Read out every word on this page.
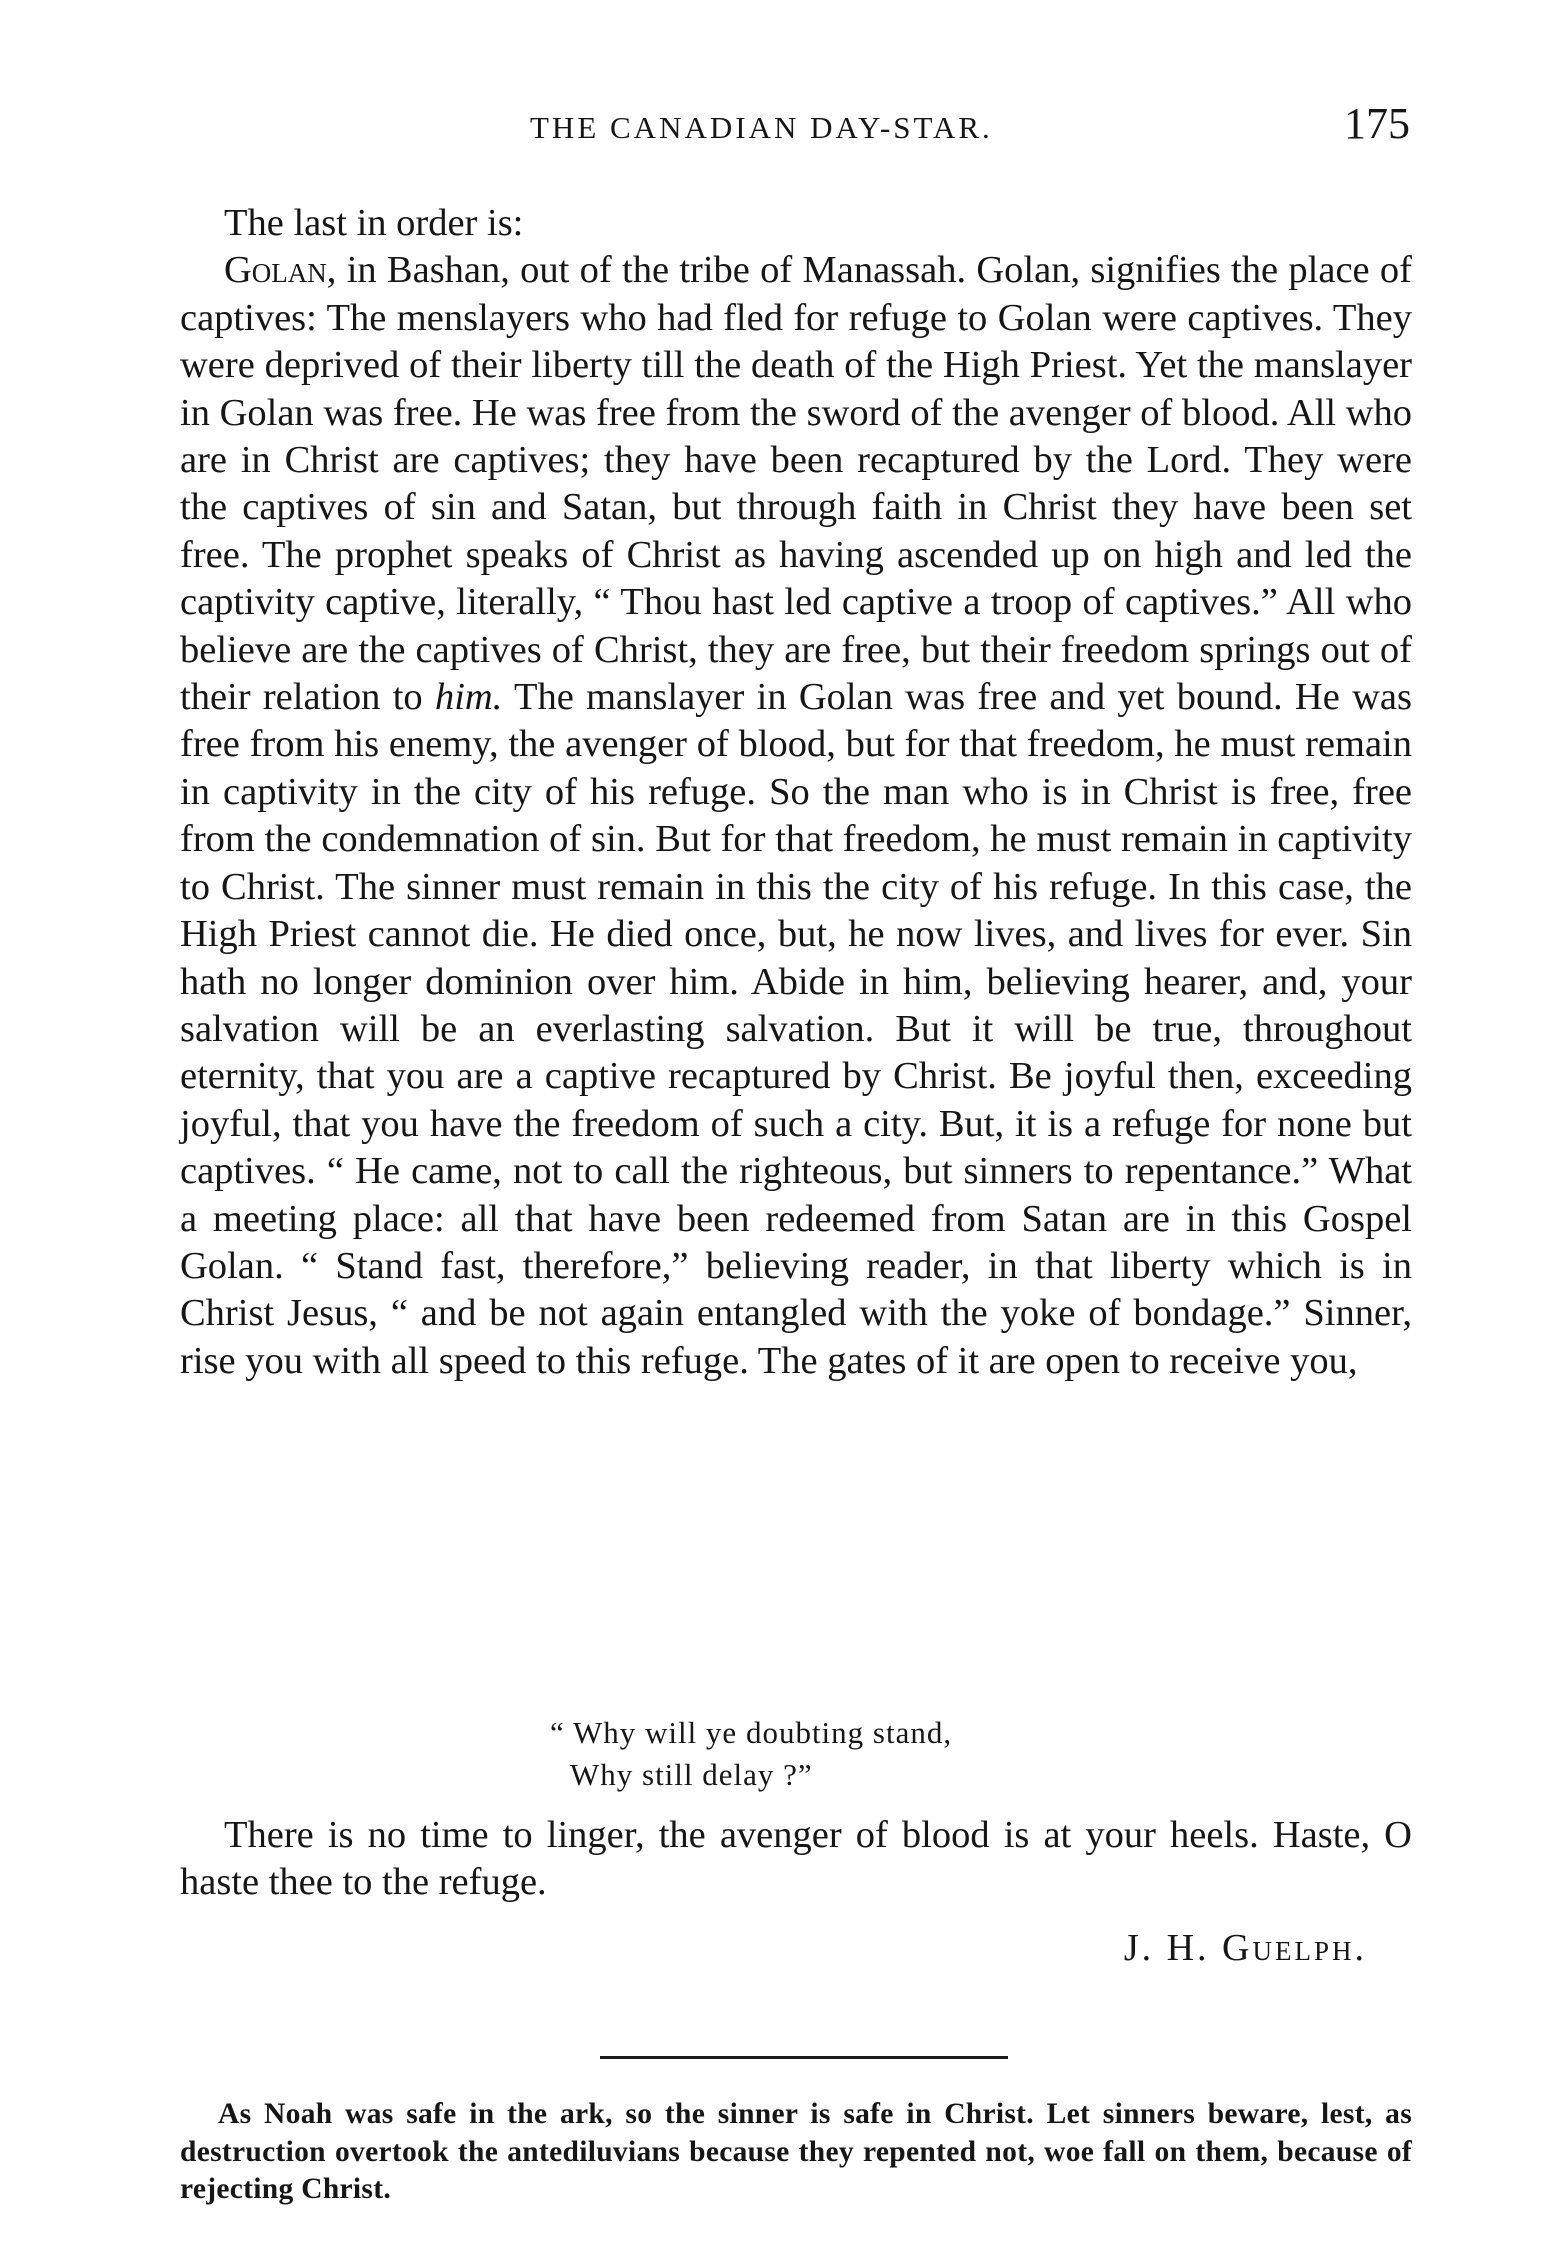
THE CANADIAN DAY-STAR.	175

The last in order is:

Golan, in Bashan, out of the tribe of Manassah. Golan, signifies the place of captives: The menslayers who had fled for refuge to Golan were captives. They were deprived of their liberty till the death of the High Priest. Yet the manslayer in Golan was free. He was free from the sword of the avenger of blood. All who are in Christ are captives; they have been recaptured by the Lord. They were the captives of sin and Satan, but through faith in Christ they have been set free. The prophet speaks of Christ as having ascended up on high and led the captivity captive, literally, “ Thou hast led captive a troop of captives.” All who believe are the captives of Christ, they are free, but their freedom springs out of their relation to him. The manslayer in Golan was free and yet bound. He was free from his enemy, the avenger of blood, but for that freedom, he must remain in captivity in the city of his refuge. So the man who is in Christ is free, free from the condemnation of sin. But for that freedom, he must remain in captivity to Christ. The sinner must remain in this the city of his refuge. In this case, the High Priest cannot die. He died once, but, he now lives, and lives for ever. Sin hath no longer dominion over him. Abide in him, believing hearer, and, your salvation will be an everlasting salvation. But it will be true, throughout eternity, that you are a captive recaptured by Christ. Be joyful then, exceeding joyful, that you have the freedom of such a city. But, it is a refuge for none but captives. “ He came, not to call the righteous, but sinners to repentance.” What a meeting place: all that have been redeemed from Satan are in this Gospel Golan. “ Stand fast, therefore,” believing reader, in that liberty which is in Christ Jesus, “ and be not again entangled with the yoke of bondage.” Sinner, rise you with all speed to this refuge. The gates of it are open to receive you,

“ Why will ye doubting stand,
Why still delay ?”

There is no time to linger, the avenger of blood is at your heels. Haste, O haste thee to the refuge.

J. H. Guelph.

As Noah was safe in the ark, so the sinner is safe in Christ. Let sinners beware, lest, as destruction overtook the antediluvians because they repented not, woe fall on them, because of rejecting Christ.
